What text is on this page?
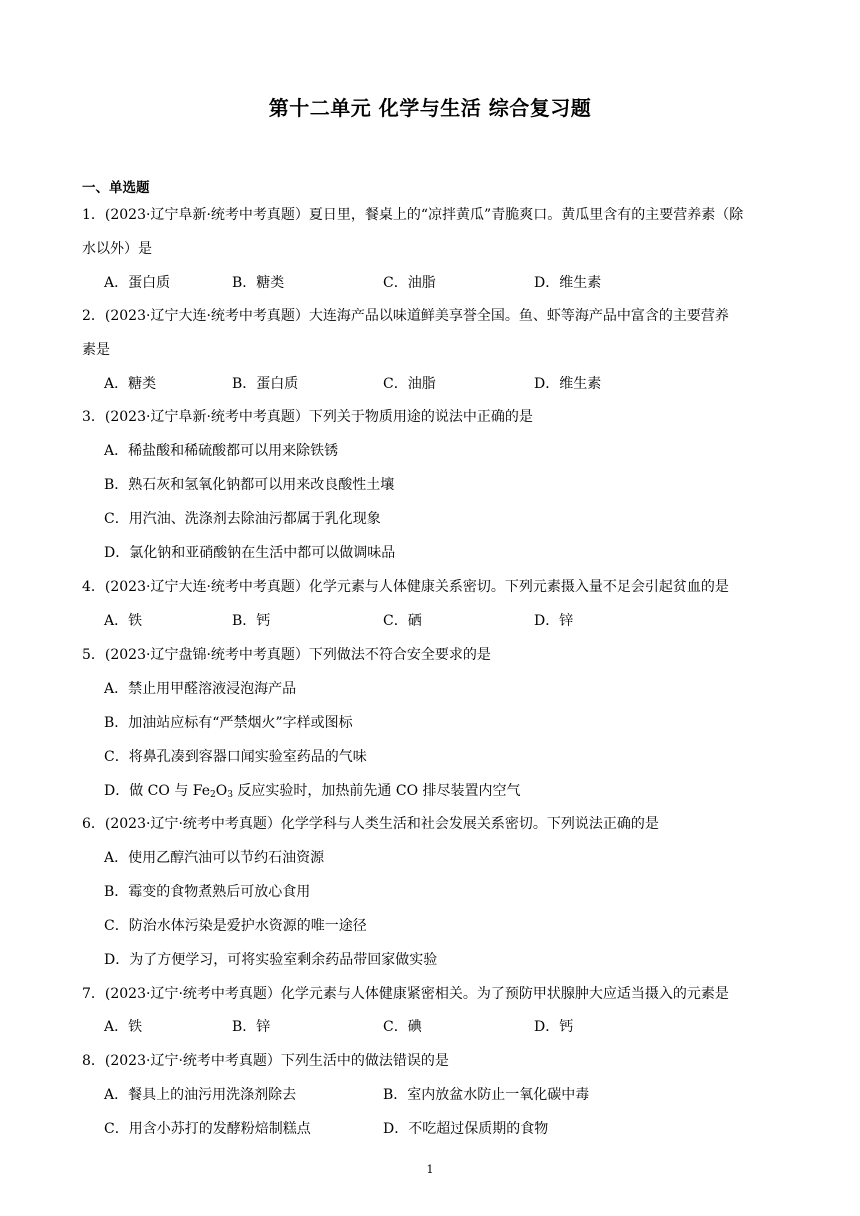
第十二单元 化学与生活 综合复习题
一、单选题
1．(2023·辽宁阜新·统考中考真题）夏日里，餐桌上的“凉拌黄瓜”青脆爽口。黄瓜里含有的主要营养素（除
水以外）是
A．蛋白质	B．糖类	C．油脂	D．维生素
2．(2023·辽宁大连·统考中考真题）大连海产品以味道鲜美享誉全国。鱼、虾等海产品中富含的主要营养
素是
A．糖类	B．蛋白质	C．油脂	D．维生素
3．(2023·辽宁阜新·统考中考真题）下列关于物质用途的说法中正确的是
A．稀盐酸和稀硫酸都可以用来除铁锈
B．熟石灰和氢氧化钠都可以用来改良酸性土壤
C．用汽油、洗涤剂去除油污都属于乳化现象
D．氯化钠和亚硝酸钠在生活中都可以做调味品
4．(2023·辽宁大连·统考中考真题）化学元素与人体健康关系密切。下列元素摄入量不足会引起贫血的是
A．铁	B．钙	C．硒	D．锌
5．(2023·辽宁盘锦·统考中考真题）下列做法不符合安全要求的是
A．禁止用甲醛溶液浸泡海产品
B．加油站应标有“严禁烟火”字样或图标
C．将鼻孔凑到容器口闻实验室药品的气味
D．做 CO 与 $Fe_2O_3$ 反应实验时，加热前先通 CO 排尽装置内空气
6．(2023·辽宁·统考中考真题）化学学科与人类生活和社会发展关系密切。下列说法正确的是
A．使用乙醇汽油可以节约石油资源
B．霉变的食物煮熟后可放心食用
C．防治水体污染是爱护水资源的唯一途径
D．为了方便学习，可将实验室剩余药品带回家做实验
7．(2023·辽宁·统考中考真题）化学元素与人体健康紧密相关。为了预防甲状腺肿大应适当摄入的元素是
A．铁	B．锌	C．碘	D．钙
8．(2023·辽宁·统考中考真题）下列生活中的做法错误的是
A．餐具上的油污用洗涤剂除去	B．室内放盆水防止一氧化碳中毒
C．用含小苏打的发酵粉焙制糕点	D．不吃超过保质期的食物
1
